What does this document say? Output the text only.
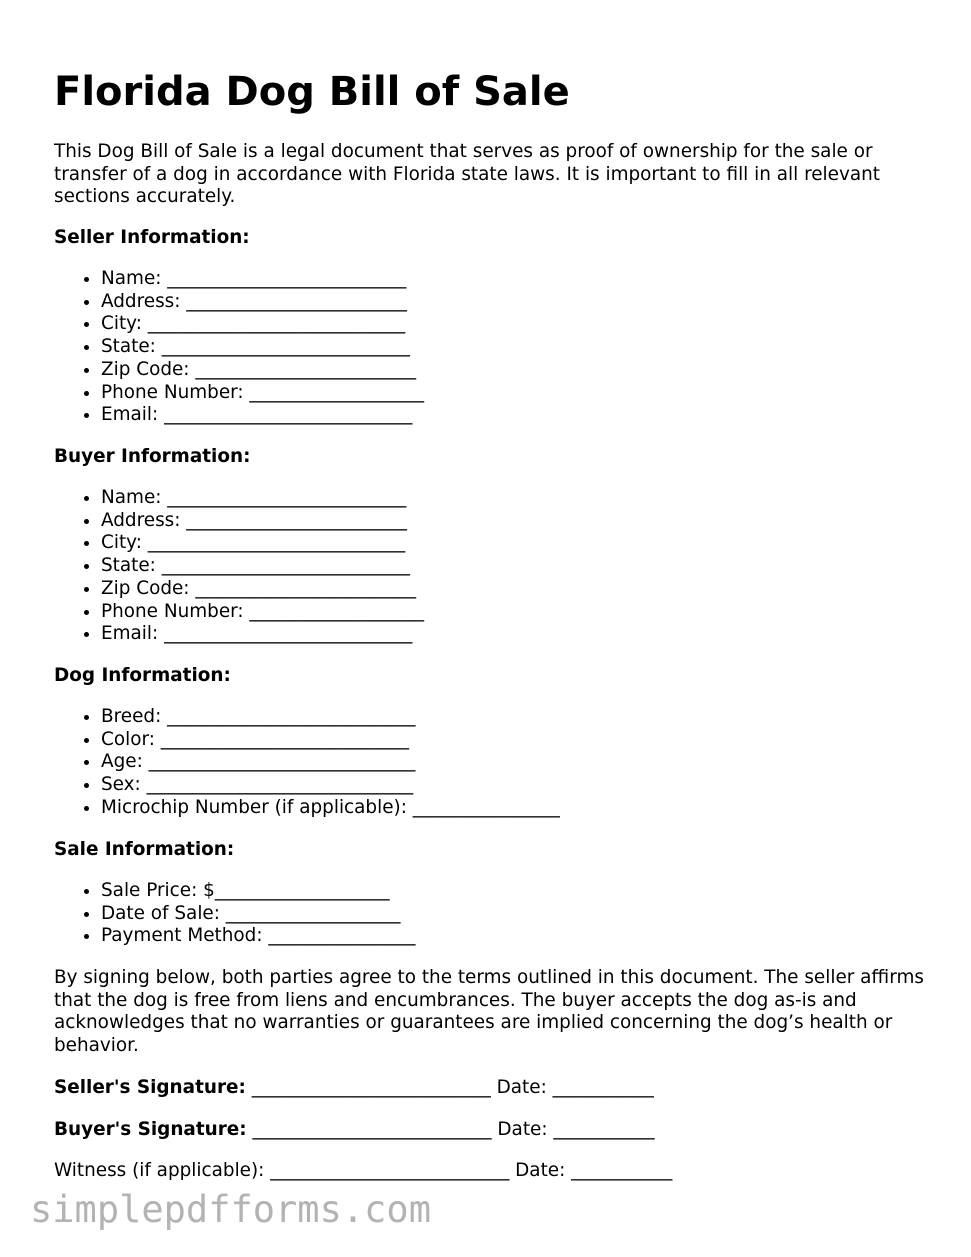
Florida Dog Bill of Sale

This Dog Bill of Sale is a legal document that serves as proof of ownership for the sale or transfer of a dog in accordance with Florida state laws. It is important to fill in all relevant sections accurately.

Seller Information:

• Name: __________________________
• Address: ________________________
• City: ____________________________
• State: ___________________________
• Zip Code: ________________________
• Phone Number: ___________________
• Email: ___________________________

Buyer Information:

• Name: __________________________
• Address: ________________________
• City: ____________________________
• State: ___________________________
• Zip Code: ________________________
• Phone Number: ___________________
• Email: ___________________________

Dog Information:

• Breed: ___________________________
• Color: ___________________________
• Age: _____________________________
• Sex: _____________________________
• Microchip Number (if applicable): ________________

Sale Information:

• Sale Price: $___________________
• Date of Sale: ___________________
• Payment Method: ________________

By signing below, both parties agree to the terms outlined in this document. The seller affirms that the dog is free from liens and encumbrances. The buyer accepts the dog as-is and acknowledges that no warranties or guarantees are implied concerning the dog’s health or behavior.

Seller's Signature: __________________________ Date: ___________

Buyer's Signature: __________________________ Date: ___________

Witness (if applicable): __________________________ Date: ___________

simplepdfforms.com
